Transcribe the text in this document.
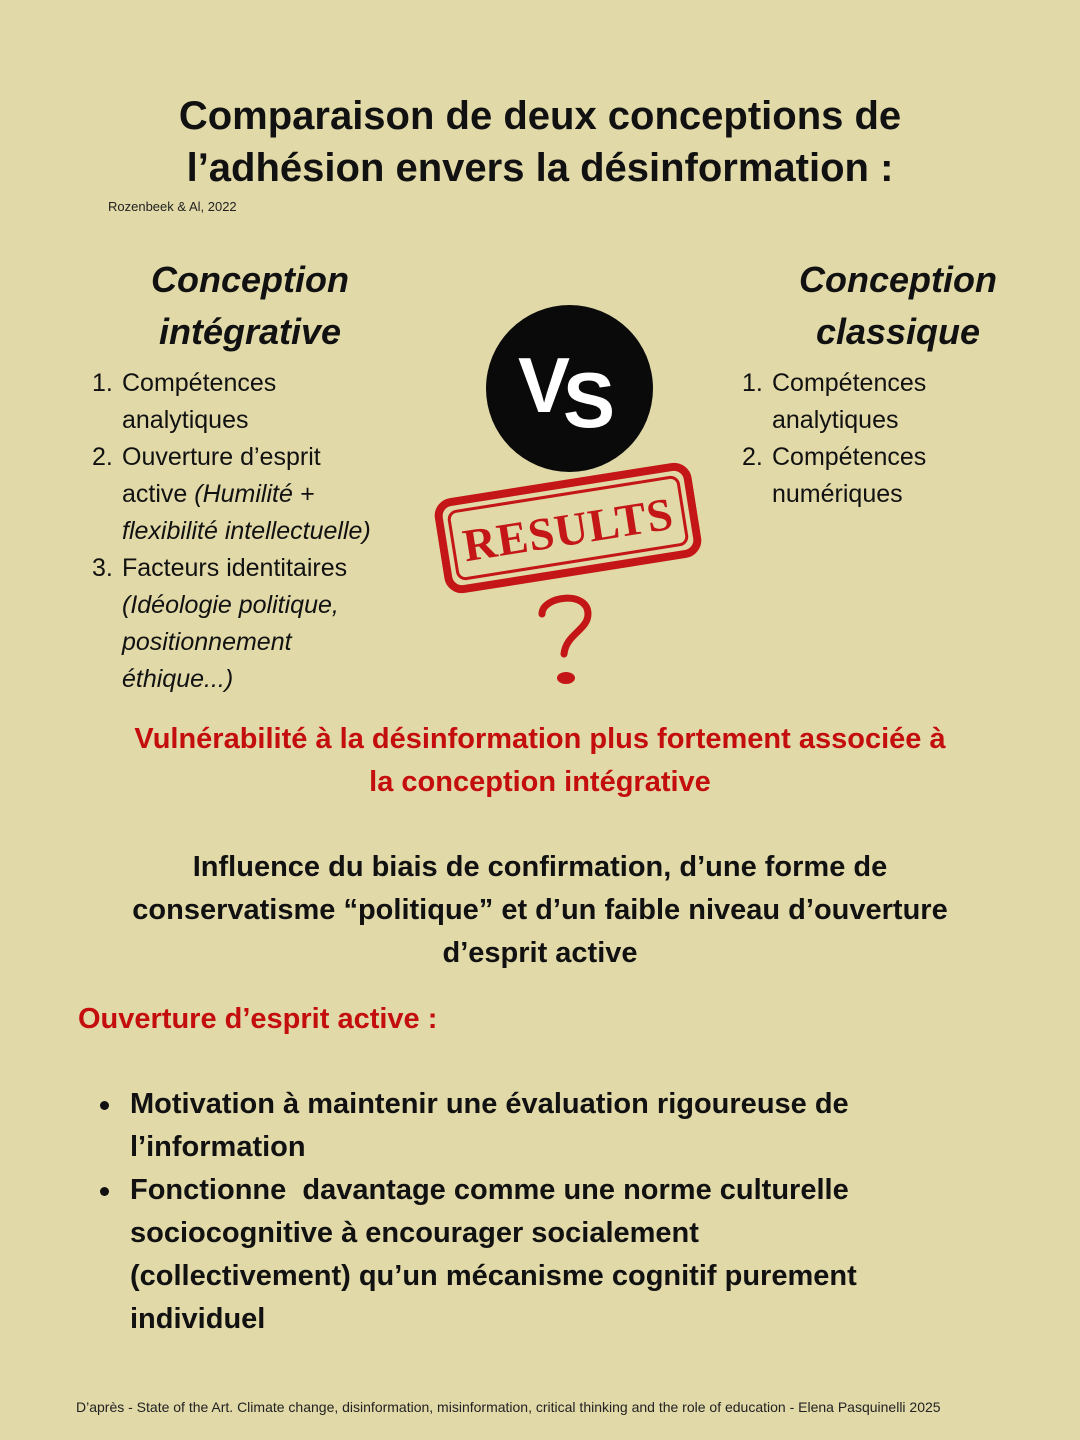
Comparaison de deux conceptions de
l’adhésion envers la désinformation :
Rozenbeek & Al, 2022
Conception
intégrative
Conception
classique
1. Compétences
analytiques
2. Ouverture d’esprit
active (Humilité +
flexibilité intellectuelle)
3. Facteurs identitaires
(Idéologie politique,
positionnement
éthique...)
1. Compétences
analytiques
2. Compétences
numériques
V
S
RESULTS
Vulnérabilité à la désinformation plus fortement associée à
la conception intégrative
Influence du biais de confirmation, d’une forme de
conservatisme “politique” et d’un faible niveau d’ouverture
d’esprit active
Ouverture d’esprit active :
Motivation à maintenir une évaluation rigoureuse de
l’information
Fonctionne  davantage comme une norme culturelle
sociocognitive à encourager socialement
(collectivement) qu’un mécanisme cognitif purement
individuel
D’après - State of the Art. Climate change, disinformation, misinformation, critical thinking and the role of education - Elena Pasquinelli 2025
